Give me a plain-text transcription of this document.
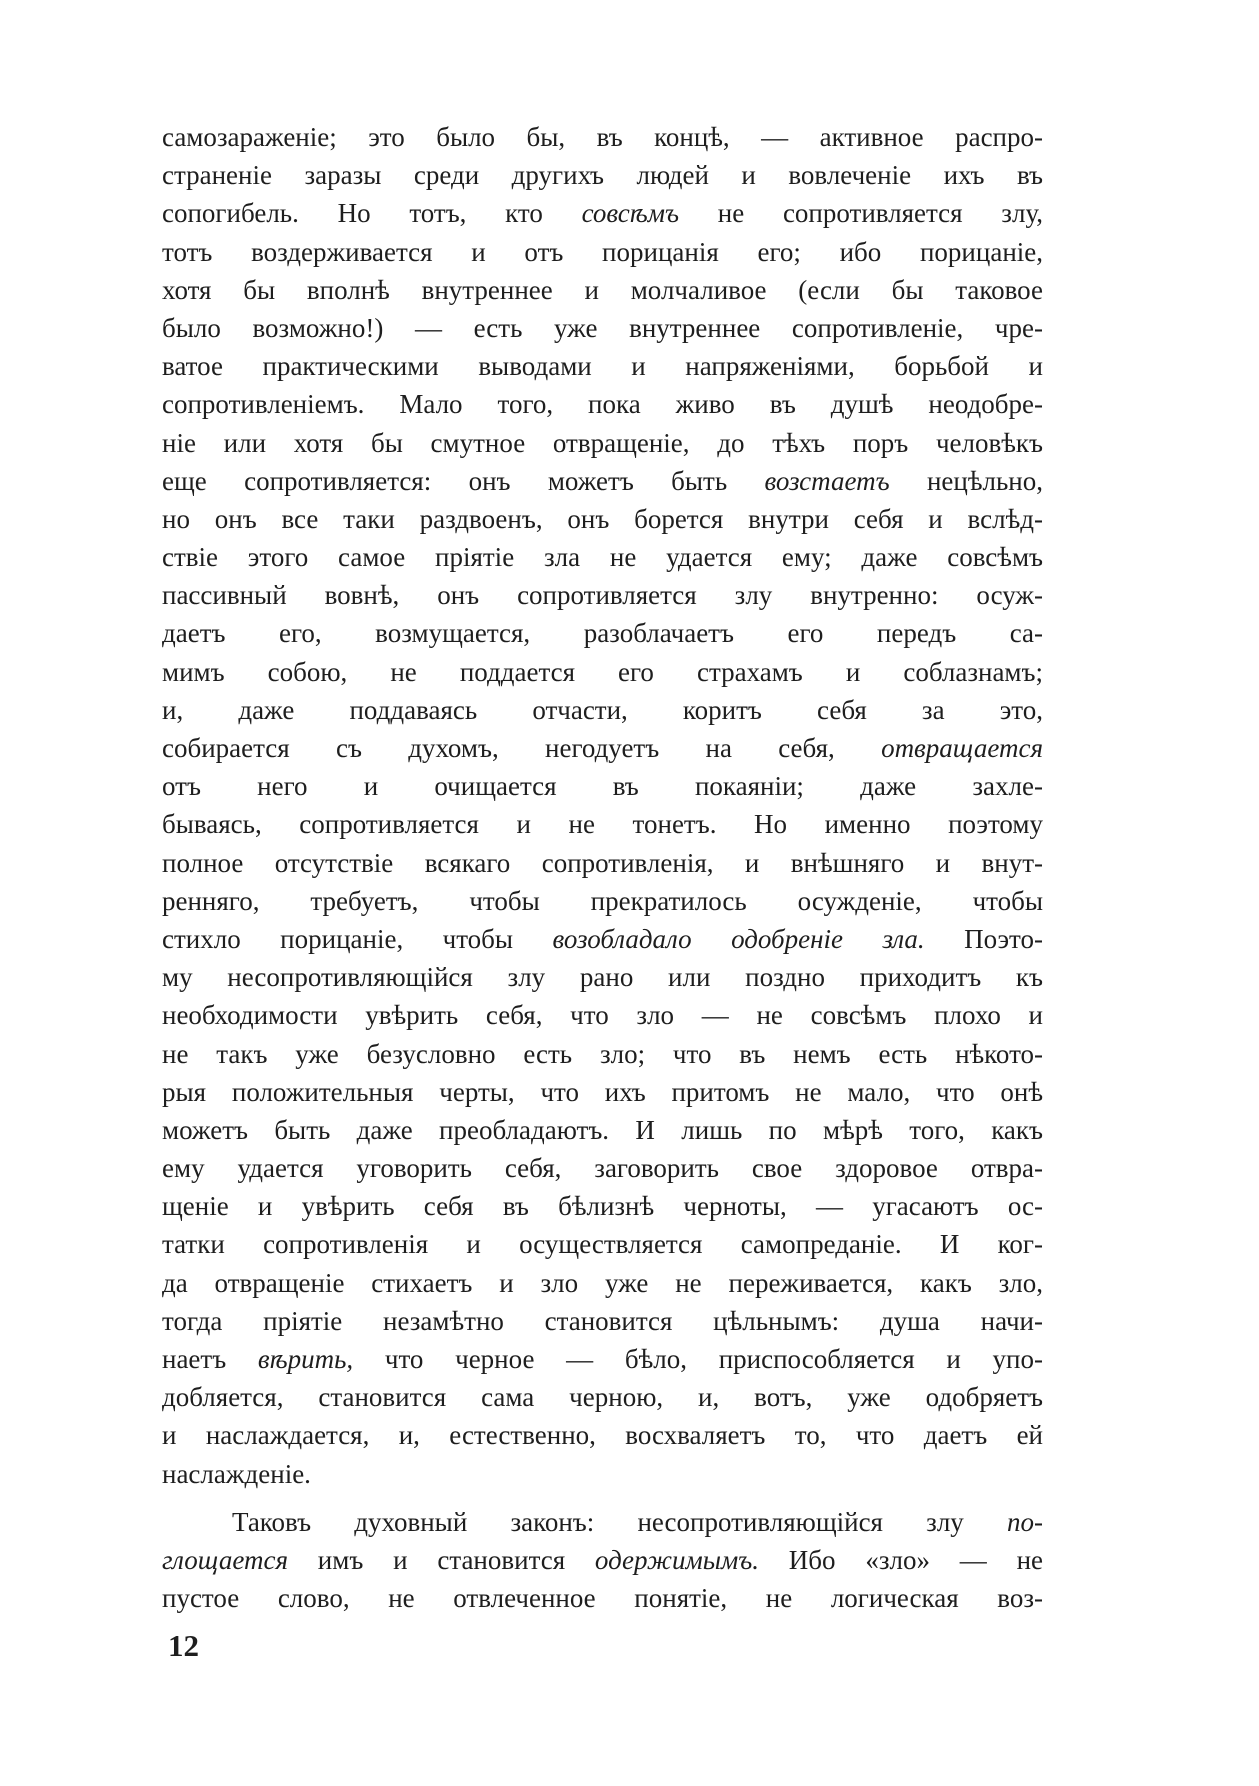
самозараженіе; это было бы, въ концѣ, — активное распро-
страненіе заразы среди другихъ людей и вовлеченіе ихъ въ
сопогибель. Но тотъ, кто совсѣмъ не сопротивляется злу,
тотъ воздерживается и отъ порицанія его; ибо порицаніе,
хотя бы вполнѣ внутреннее и молчаливое (если бы таковое
было возможно!) — есть уже внутреннее сопротивленіе, чре-
ватое практическими выводами и напряженіями, борьбой и
сопротивленіемъ. Мало того, пока живо въ душѣ неодобре-
ніе или хотя бы смутное отвращеніе, до тѣхъ поръ человѣкъ
еще сопротивляется: онъ можетъ быть возстаетъ нецѣльно,
но онъ все таки раздвоенъ, онъ борется внутри себя и вслѣд-
ствіе этого самое пріятіе зла не удается ему; даже совсѣмъ
пассивный вовнѣ, онъ сопротивляется злу внутренно: осуж-
даетъ его, возмущается, разоблачаетъ его передъ са-
мимъ собою, не поддается его страхамъ и соблазнамъ;
и, даже поддаваясь отчасти, коритъ себя за это,
собирается съ духомъ, негодуетъ на себя, отвращается
отъ него и очищается въ покаяніи; даже захле-
бываясь, сопротивляется и не тонетъ. Но именно поэтому
полное отсутствіе всякаго сопротивленія, и внѣшняго и внут-
ренняго, требуетъ, чтобы прекратилось осужденіе, чтобы
стихло порицаніе, чтобы возобладало одобреніе зла. Поэто-
му несопротивляющійся злу рано или поздно приходитъ къ
необходимости увѣрить себя, что зло — не совсѣмъ плохо и
не такъ уже безусловно есть зло; что въ немъ есть нѣкото-
рыя положительныя черты, что ихъ притомъ не мало, что онѣ
можетъ быть даже преобладаютъ. И лишь по мѣрѣ того, какъ
ему удается уговорить себя, заговорить свое здоровое отвра-
щеніе и увѣрить себя въ бѣлизнѣ черноты, — угасаютъ ос-
татки сопротивленія и осуществляется самопреданіе. И ког-
да отвращеніе стихаетъ и зло уже не переживается, какъ зло,
тогда пріятіе незамѣтно становится цѣльнымъ: душа начи-
наетъ вѣрить, что черное — бѣло, приспособляется и упо-
добляется, становится сама черною, и, вотъ, уже одобряетъ
и наслаждается, и, естественно, восхваляетъ то, что даетъ ей
наслажденіе.
Таковъ духовный законъ: несопротивляющійся злу по-
глощается имъ и становится одержимымъ. Ибо «зло» — не
пустое слово, не отвлеченное понятіе, не логическая воз-
12
